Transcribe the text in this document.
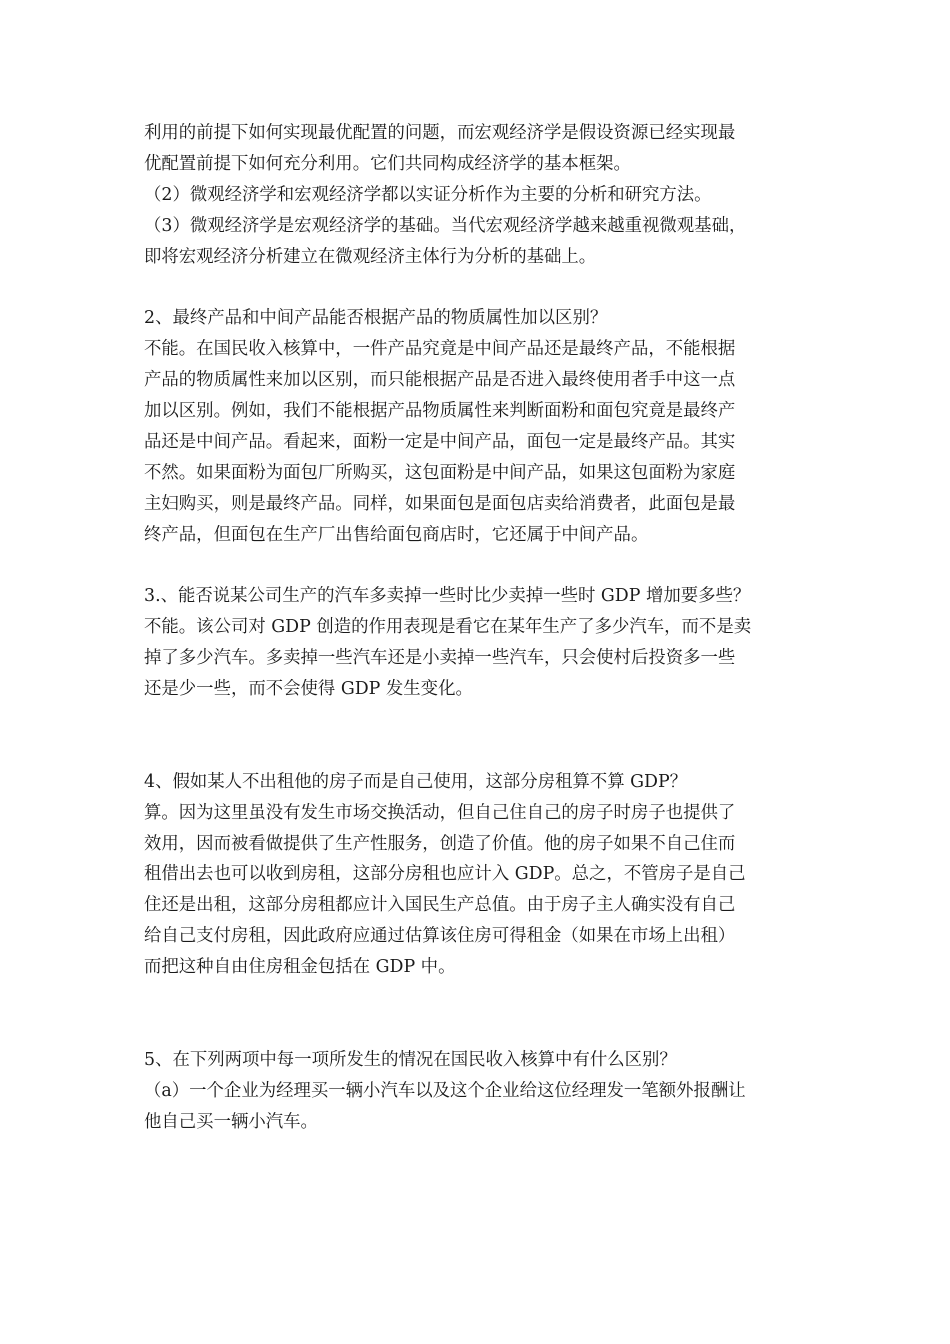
利用的前提下如何实现最优配置的问题，而宏观经济学是假设资源已经实现最
优配置前提下如何充分利用。它们共同构成经济学的基本框架。
（2）微观经济学和宏观经济学都以实证分析作为主要的分析和研究方法。
（3）微观经济学是宏观经济学的基础。当代宏观经济学越来越重视微观基础，
即将宏观经济分析建立在微观经济主体行为分析的基础上。
2、最终产品和中间产品能否根据产品的物质属性加以区别？
不能。在国民收入核算中，一件产品究竟是中间产品还是最终产品，不能根据
产品的物质属性来加以区别，而只能根据产品是否进入最终使用者手中这一点
加以区别。例如，我们不能根据产品物质属性来判断面粉和面包究竟是最终产
品还是中间产品。看起来，面粉一定是中间产品，面包一定是最终产品。其实
不然。如果面粉为面包厂所购买，这包面粉是中间产品，如果这包面粉为家庭
主妇购买，则是最终产品。同样，如果面包是面包店卖给消费者，此面包是最
终产品，但面包在生产厂出售给面包商店时，它还属于中间产品。
3.、能否说某公司生产的汽车多卖掉一些时比少卖掉一些时 GDP 增加要多些？
不能。该公司对 GDP 创造的作用表现是看它在某年生产了多少汽车，而不是卖
掉了多少汽车。多卖掉一些汽车还是小卖掉一些汽车，只会使村后投资多一些
还是少一些，而不会使得 GDP 发生变化。
4、假如某人不出租他的房子而是自己使用，这部分房租算不算 GDP？
算。因为这里虽没有发生市场交换活动，但自己住自己的房子时房子也提供了
效用，因而被看做提供了生产性服务，创造了价值。他的房子如果不自己住而
租借出去也可以收到房租，这部分房租也应计入 GDP。总之，不管房子是自己
住还是出租，这部分房租都应计入国民生产总值。由于房子主人确实没有自己
给自己支付房租，因此政府应通过估算该住房可得租金（如果在市场上出租）
而把这种自由住房租金包括在 GDP 中。
5、在下列两项中每一项所发生的情况在国民收入核算中有什么区别？
（a）一个企业为经理买一辆小汽车以及这个企业给这位经理发一笔额外报酬让
他自己买一辆小汽车。
